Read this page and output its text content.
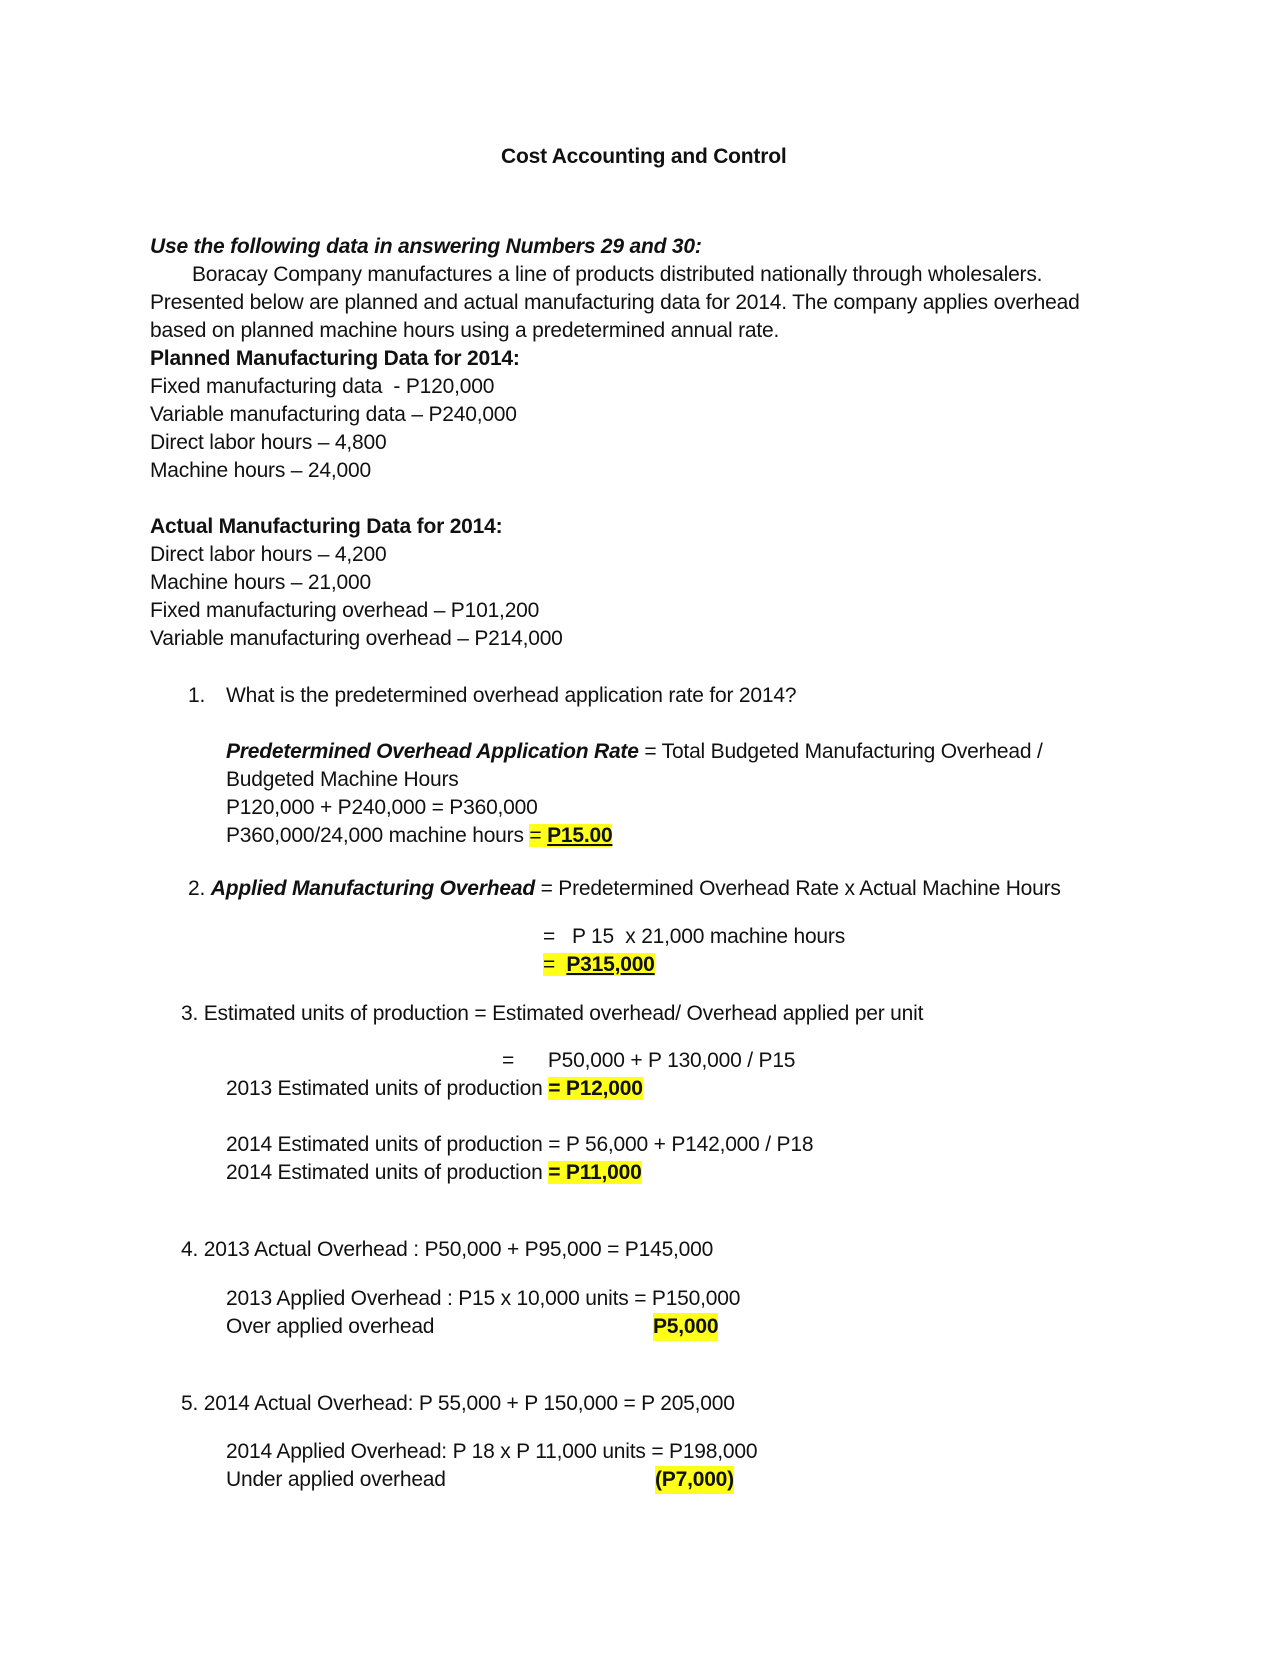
Cost Accounting and Control
Use the following data in answering Numbers 29 and 30:
Boracay Company manufactures a line of products distributed nationally through wholesalers.
Presented below are planned and actual manufacturing data for 2014. The company applies overhead
based on planned machine hours using a predetermined annual rate.
Planned Manufacturing Data for 2014:
Fixed manufacturing data  - P120,000
Variable manufacturing data – P240,000
Direct labor hours – 4,800
Machine hours – 24,000
Actual Manufacturing Data for 2014:
Direct labor hours – 4,200
Machine hours – 21,000
Fixed manufacturing overhead – P101,200
Variable manufacturing overhead – P214,000
1. What is the predetermined overhead application rate for 2014?
Predetermined Overhead Application Rate = Total Budgeted Manufacturing Overhead /
Budgeted Machine Hours
P120,000 + P240,000 = P360,000
P360,000/24,000 machine hours = P15.00
2. Applied Manufacturing Overhead = Predetermined Overhead Rate x Actual Machine Hours
=   P 15  x 21,000 machine hours
=  P315,000
3. Estimated units of production = Estimated overhead/ Overhead applied per unit
=      P50,000 + P 130,000 / P15
2013 Estimated units of production = P12,000
2014 Estimated units of production = P 56,000 + P142,000 / P18
2014 Estimated units of production = P11,000
4. 2013 Actual Overhead : P50,000 + P95,000 = P145,000
2013 Applied Overhead : P15 x 10,000 units = P150,000
Over applied overhead	P5,000
5. 2014 Actual Overhead: P 55,000 + P 150,000 = P 205,000
2014 Applied Overhead: P 18 x P 11,000 units = P198,000
Under applied overhead	(P7,000)
